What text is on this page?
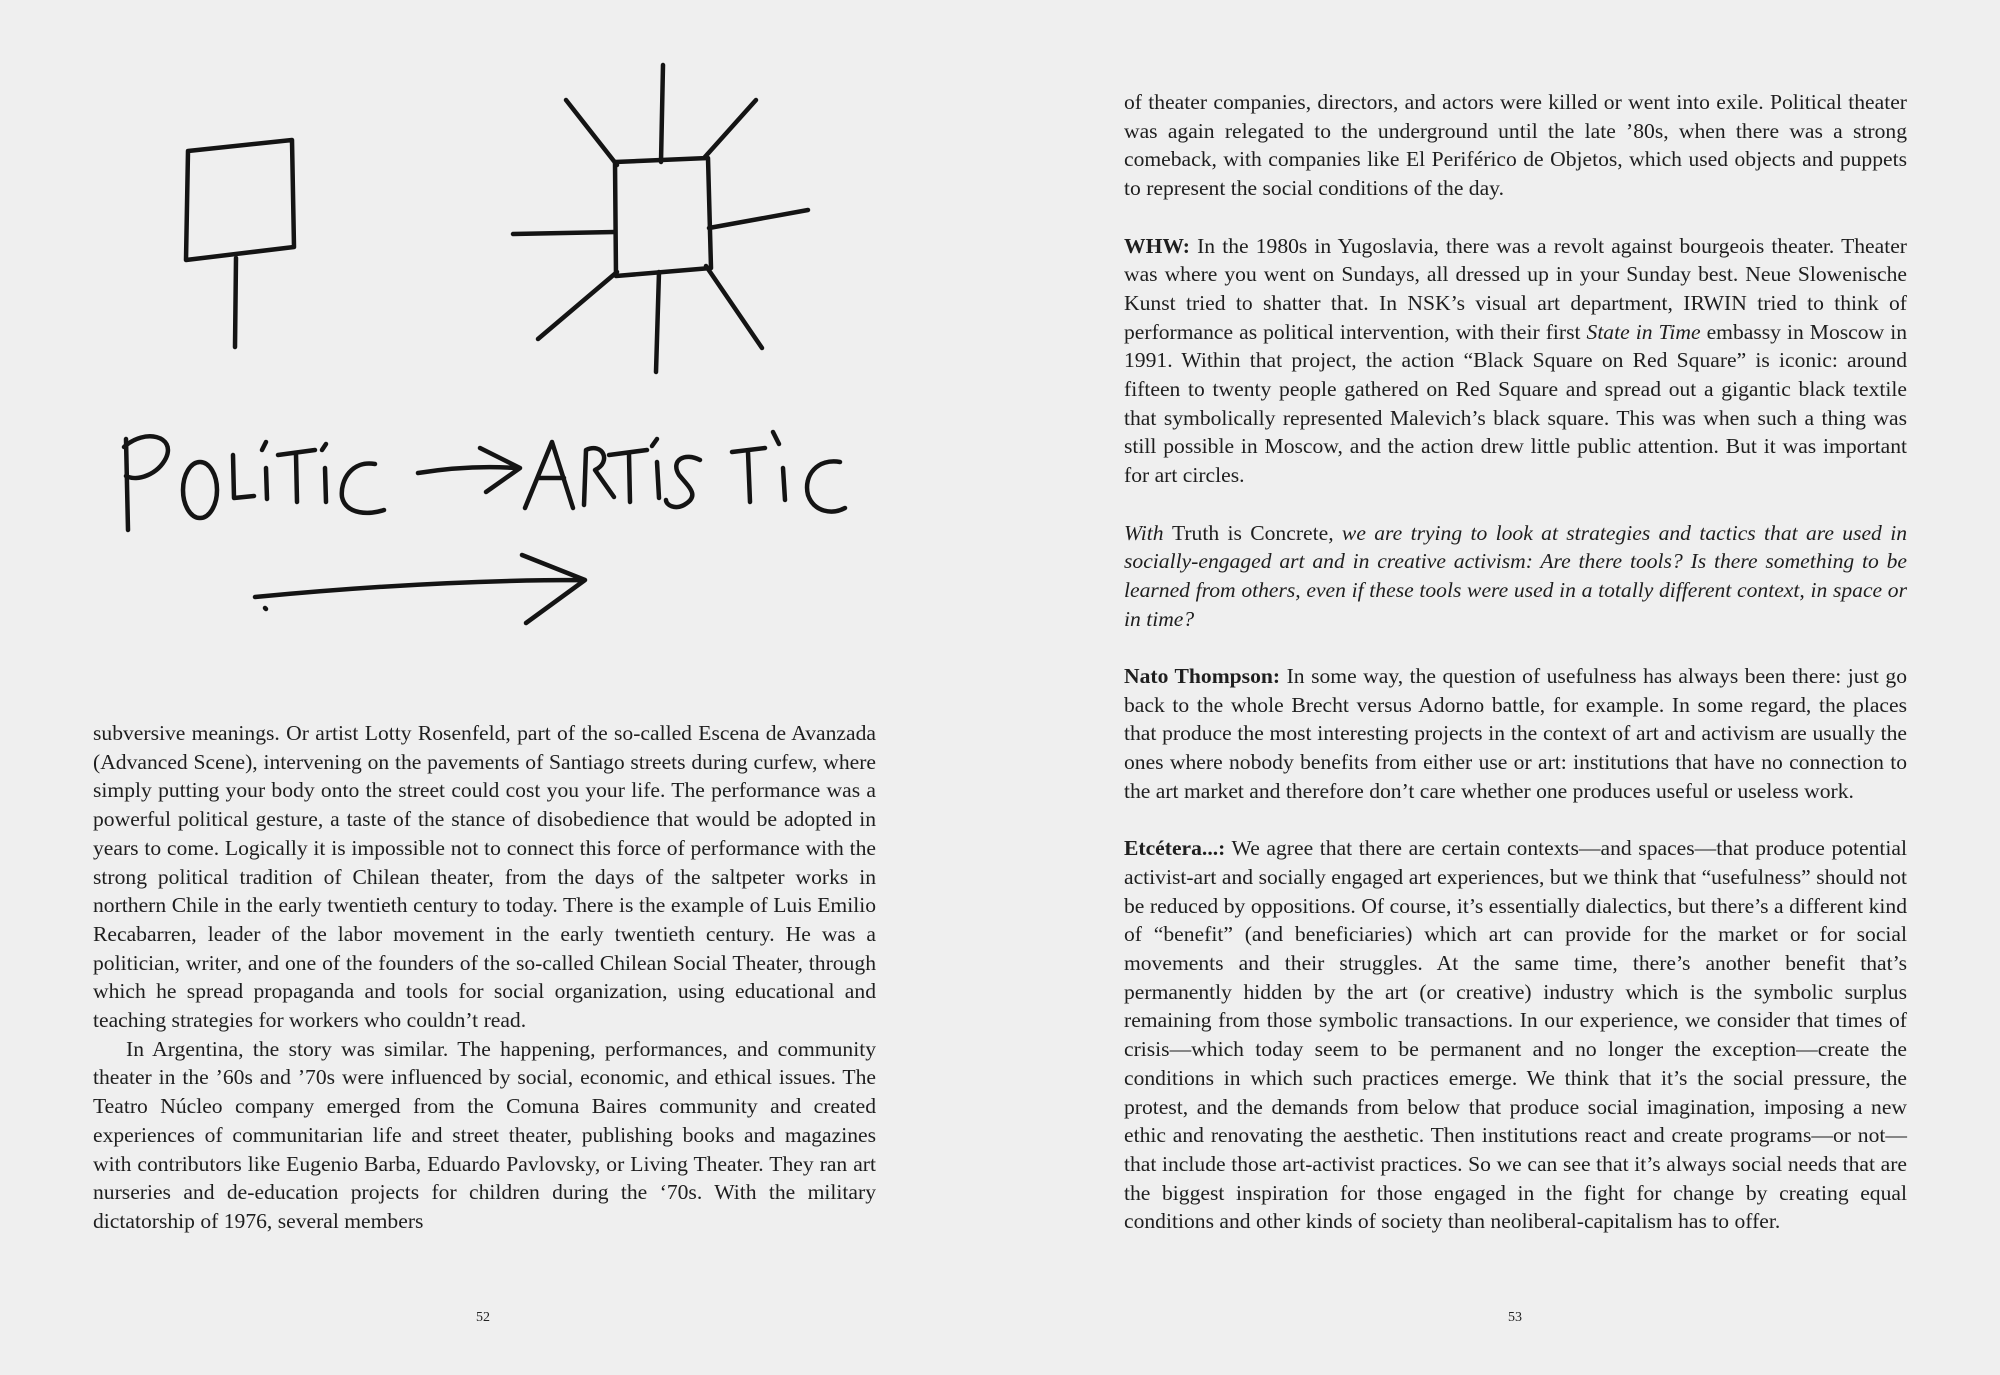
subversive meanings. Or artist Lotty Rosenfeld, part of the so-called Escena de Avanzada (Advanced Scene), intervening on the pavements of Santiago streets during curfew, where simply putting your body onto the street could cost you your life. The performance was a powerful political gesture, a taste of the stance of disobedience that would be adopted in years to come. Logically it is impossible not to connect this force of performance with the strong political tradition of Chilean theater, from the days of the saltpeter works in northern Chile in the early twentieth century to today. There is the example of Luis Emilio Recabarren, leader of the labor movement in the early twentieth century. He was a politician, writer, and one of the founders of the so-called Chilean Social Theater, through which he spread propaganda and tools for social organization, using educational and teaching strategies for workers who couldn’t read.

In Argentina, the story was similar. The happening, performances, and community theater in the ’60s and ’70s were influenced by social, economic, and ethical issues. The Teatro Núcleo company emerged from the Comuna Baires community and created experiences of communitarian life and street theater, publishing books and magazines with contributors like Eugenio Barba, Eduardo Pavlovsky, or Living Theater. They ran art nurseries and de-education projects for children during the ‘70s. With the military dictatorship of 1976, several members

52

of theater companies, directors, and actors were killed or went into exile. Political theater was again relegated to the underground until the late ’80s, when there was a strong comeback, with companies like El Periférico de Objetos, which used objects and puppets to represent the social conditions of the day.

WHW: In the 1980s in Yugoslavia, there was a revolt against bourgeois theater. Theater was where you went on Sundays, all dressed up in your Sunday best. Neue Slowenische Kunst tried to shatter that. In NSK’s visual art department, IRWIN tried to think of performance as political intervention, with their first State in Time embassy in Moscow in 1991. Within that project, the action “Black Square on Red Square” is iconic: around fifteen to twenty people gathered on Red Square and spread out a gigantic black textile that symbolically represented Malevich’s black square. This was when such a thing was still possible in Moscow, and the action drew little public attention. But it was important for art circles.

With Truth is Concrete, we are trying to look at strategies and tactics that are used in socially-engaged art and in creative activism: Are there tools? Is there something to be learned from others, even if these tools were used in a totally different context, in space or in time?

Nato Thompson: In some way, the question of usefulness has always been there: just go back to the whole Brecht versus Adorno battle, for example. In some regard, the places that produce the most interesting projects in the context of art and activism are usually the ones where nobody benefits from either use or art: institutions that have no connection to the art market and therefore don’t care whether one produces useful or useless work.

Etcétera...: We agree that there are certain contexts—and spaces—that produce potential activist-art and socially engaged art experiences, but we think that “usefulness” should not be reduced by oppositions. Of course, it’s essentially dialectics, but there’s a different kind of “benefit” (and beneficiaries) which art can provide for the market or for social movements and their struggles. At the same time, there’s another benefit that’s permanently hidden by the art (or creative) industry which is the symbolic surplus remaining from those symbolic transactions. In our experience, we consider that times of crisis—which today seem to be permanent and no longer the exception—create the conditions in which such practices emerge. We think that it’s the social pressure, the protest, and the demands from below that produce social imagination, imposing a new ethic and renovating the aesthetic. Then institutions react and create programs—or not—that include those art-activist practices. So we can see that it’s always social needs that are the biggest inspiration for those engaged in the fight for change by creating equal conditions and other kinds of society than neoliberal-capitalism has to offer.

53
